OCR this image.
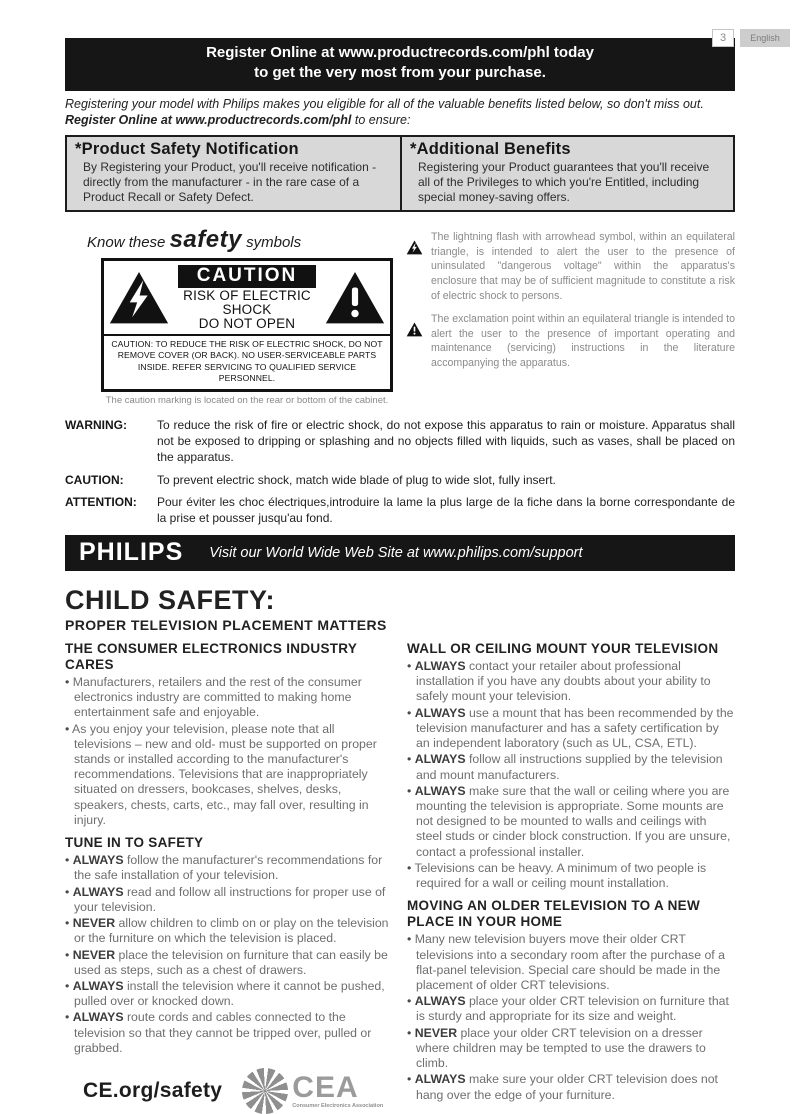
3	English
Register Online at www.productrecords.com/phl today
to get the very most from your purchase.
Registering your model with Philips makes you eligible for all of the valuable benefits listed below, so don't miss out.
Register Online at www.productrecords.com/phl to ensure:
*Product Safety Notification

By Registering your Product, you'll receive notification - directly from the manufacturer - in the rare case of a Product Recall or Safety Defect.

*Additional Benefits

Registering your Product guarantees that you'll receive all of the Privileges to which you're Entitled, including special money-saving offers.

Know these safety symbols
CAUTION
RISK OF ELECTRIC SHOCK
DO NOT OPEN
CAUTION: TO REDUCE THE RISK OF ELECTRIC SHOCK, DO NOT REMOVE COVER (OR BACK). NO USER-SERVICEABLE PARTS INSIDE. REFER SERVICING TO QUALIFIED SERVICE PERSONNEL.
The caution marking is located on the rear or bottom of the cabinet.
The lightning flash with arrowhead symbol, within an equilateral triangle, is intended to alert the user to the presence of uninsulated "dangerous voltage" within the apparatus's enclosure that may be of sufficient magnitude to constitute a risk of electric shock to persons.
The exclamation point within an equilateral triangle is intended to alert the user to the presence of important operating and maintenance (servicing) instructions in the literature accompanying the apparatus.
WARNING:	To reduce the risk of fire or electric shock, do not expose this apparatus to rain or moisture. Apparatus shall not be exposed to dripping or splashing and no objects filled with liquids, such as vases, shall be placed on the apparatus.
CAUTION:	To prevent electric shock, match wide blade of plug to wide slot, fully insert.
ATTENTION:	Pour éviter les choc électriques,introduire la lame la plus large de la fiche dans la borne correspondante de la prise et pousser jusqu'au fond.
PHILIPS Visit our World Wide Web Site at www.philips.com/support
CHILD SAFETY:
PROPER TELEVISION PLACEMENT MATTERS
THE CONSUMER ELECTRONICS INDUSTRY CARES
• Manufacturers, retailers and the rest of the consumer electronics industry are committed to making home entertainment safe and enjoyable.
• As you enjoy your television, please note that all televisions – new and old- must be supported on proper stands or installed according to the manufacturer's recommendations. Televisions that are inappropriately situated on dressers, bookcases, shelves, desks, speakers, chests, carts, etc., may fall over, resulting in injury.
TUNE IN TO SAFETY
• ALWAYS follow the manufacturer's recommendations for the safe installation of your television.
• ALWAYS read and follow all instructions for proper use of your television.
• NEVER allow children to climb on or play on the television or the furniture on which the television is placed.
• NEVER place the television on furniture that can easily be used as steps, such as a chest of drawers.
• ALWAYS install the television where it cannot be pushed, pulled over or knocked down.
• ALWAYS route cords and cables connected to the television so that they cannot be tripped over, pulled or grabbed.
CE.org/safety CEA
Consumer Electronics Association
WALL OR CEILING MOUNT YOUR TELEVISION
• ALWAYS contact your retailer about professional installation if you have any doubts about your ability to safely mount your television.
• ALWAYS use a mount that has been recommended by the television manufacturer and has a safety certification by an independent laboratory (such as UL, CSA, ETL).
• ALWAYS follow all instructions supplied by the television and mount manufacturers.
• ALWAYS make sure that the wall or ceiling where you are mounting the television is appropriate. Some mounts are not designed to be mounted to walls and ceilings with steel studs or cinder block construction. If you are unsure, contact a professional installer.
• Televisions can be heavy. A minimum of two people is required for a wall or ceiling mount installation.
MOVING AN OLDER TELEVISION TO A NEW PLACE IN YOUR HOME
• Many new television buyers move their older CRT televisions into a secondary room after the purchase of a flat-panel television. Special care should be made in the placement of older CRT televisions.
• ALWAYS place your older CRT television on furniture that is sturdy and appropriate for its size and weight.
• NEVER place your older CRT television on a dresser where children may be tempted to use the drawers to climb.
• ALWAYS make sure your older CRT television does not hang over the edge of your furniture.
